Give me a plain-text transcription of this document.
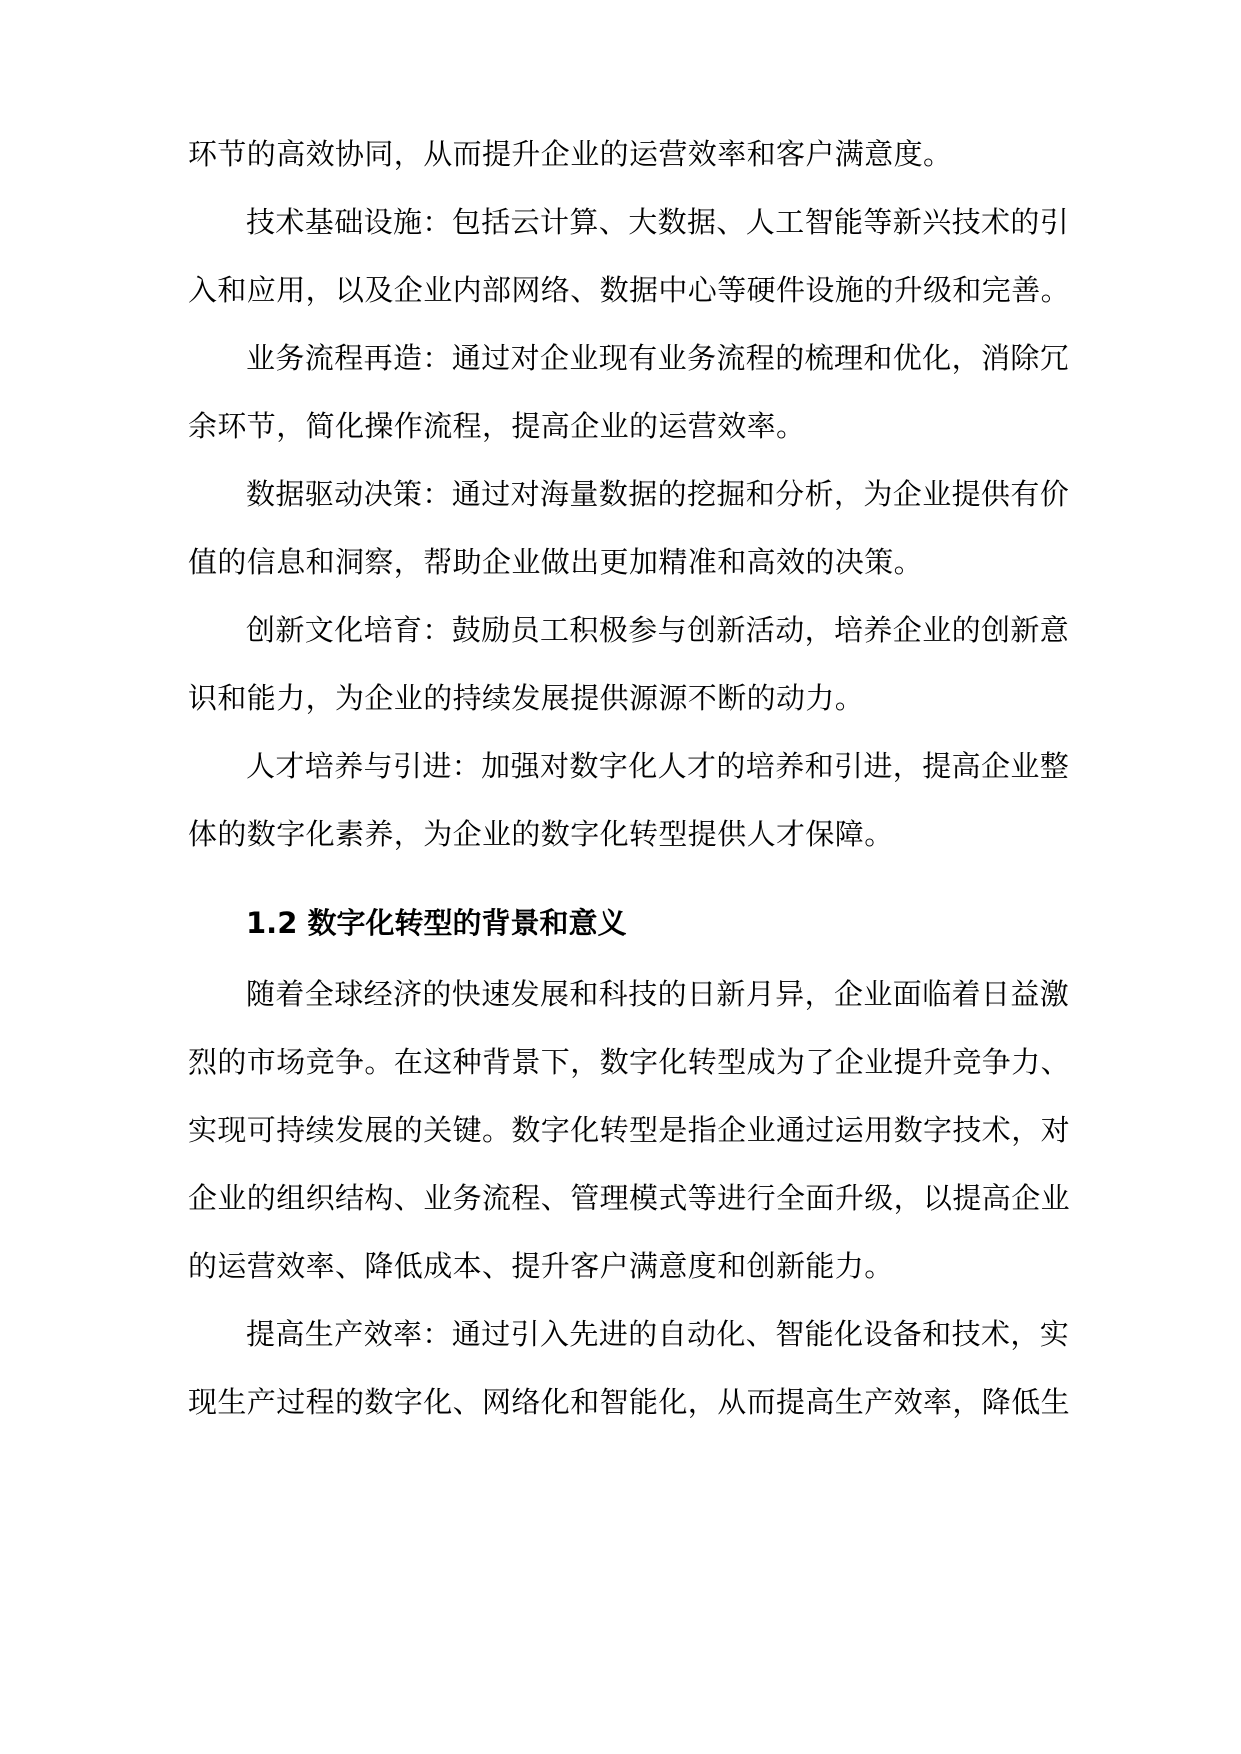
环节的高效协同，从而提升企业的运营效率和客户满意度。
技术基础设施：包括云计算、大数据、人工智能等新兴技术的引
入和应用，以及企业内部网络、数据中心等硬件设施的升级和完善。
业务流程再造：通过对企业现有业务流程的梳理和优化，消除冗
余环节，简化操作流程，提高企业的运营效率。
数据驱动决策：通过对海量数据的挖掘和分析，为企业提供有价
值的信息和洞察，帮助企业做出更加精准和高效的决策。
创新文化培育：鼓励员工积极参与创新活动，培养企业的创新意
识和能力，为企业的持续发展提供源源不断的动力。
人才培养与引进：加强对数字化人才的培养和引进，提高企业整
体的数字化素养，为企业的数字化转型提供人才保障。
1.2 数字化转型的背景和意义
随着全球经济的快速发展和科技的日新月异，企业面临着日益激
烈的市场竞争。在这种背景下，数字化转型成为了企业提升竞争力、
实现可持续发展的关键。数字化转型是指企业通过运用数字技术，对
企业的组织结构、业务流程、管理模式等进行全面升级，以提高企业
的运营效率、降低成本、提升客户满意度和创新能力。
提高生产效率：通过引入先进的自动化、智能化设备和技术，实
现生产过程的数字化、网络化和智能化，从而提高生产效率，降低生
